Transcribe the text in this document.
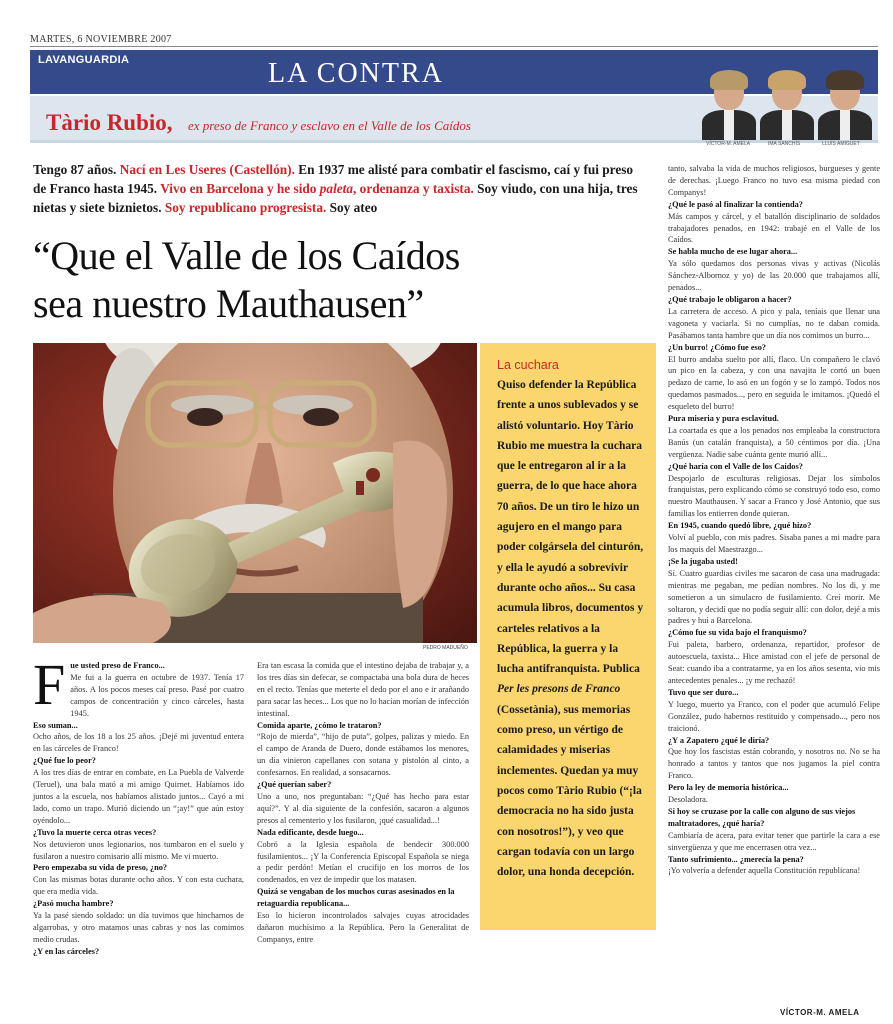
MARTES, 6 NOVIEMBRE 2007
LAVANGUARDIA	LA CONTRA
Tàrio Rubio, ex preso de Franco y esclavo en el Valle de los Caídos
VÍCTOR-M. AMELA	IMA SANCHÍS	LLUÍS AMIGUET
Tengo 87 años. Nací en Les Useres (Castellón). En 1937 me alisté para combatir el fascismo, caí y fui preso de Franco hasta 1945. Vivo en Barcelona y he sido paleta, ordenanza y taxista. Soy viudo, con una hija, tres nietas y siete biznietos. Soy republicano progresista. Soy ateo
“Que el Valle de los Caídos
sea nuestro Mauthausen”
PEDRO MADUEÑO
La cuchara
Quiso defender la República frente a unos sublevados y se alistó voluntario. Hoy Tàrio Rubio me muestra la cuchara que le entregaron al ir a la guerra, de lo que hace ahora 70 años. De un tiro le hizo un agujero en el mango para poder colgársela del cinturón, y ella le ayudó a sobrevivir durante ocho años... Su casa acumula libros, documentos y carteles relativos a la República, la guerra y la lucha antifranquista. Publica Per les presons de Franco (Cossetània), sus memorias como preso, un vértigo de calamidades y miserias inclementes. Quedan ya muy pocos como Tàrio Rubio (“¡la democracia no ha sido justa con nosotros!”), y veo que cargan todavía con un largo dolor, una honda decepción.
F ue usted preso de Franco...

Me fui a la guerra en octubre de 1937. Tenía 17 años. A los pocos meses caí preso. Pasé por cuatro campos de concentración y cinco cárceles, hasta 1945.

Eso suman...

Ocho años, de los 18 a los 25 años. ¡Dejé mi juventud entera en las cárceles de Franco!

¿Qué fue lo peor?

A los tres días de entrar en combate, en La Puebla de Valverde (Teruel), una bala mató a mi amigo Quirnet. Habíamos ido juntos a la escuela, nos habíamos alistado juntos... Cayó a mi lado, como un trapo. Murió diciendo un “¡ay!” que aún estoy oyéndolo...

¿Tuvo la muerte cerca otras veces?

Nos detuvieron unos legionarios, nos tumbaron en el suelo y fusilaron a nuestro comisario allí mismo. Me vi muerto.

Pero empezaba su vida de preso, ¿no?

Con las mismas botas durante ocho años. Y con esta cuchara, que era media vida.

¿Pasó mucha hambre?

Ya la pasé siendo soldado: un día tuvimos que hincharnos de algarrobas, y otro matamos unas cabras y nos las comimos medio crudas.

¿Y en las cárceles?

Era tan escasa la comida que el intestino dejaba de trabajar y, a los tres días sin defecar, se compactaba una bola dura de heces en el recto. Tenías que meterte el dedo por el ano e ir arañando para sacar las heces... Los que no lo hacían morían de infección intestinal.

Comida aparte, ¿cómo le trataron?

“Rojo de mierda”, “hijo de puta”, golpes, palizas y miedo. En el campo de Aranda de Duero, donde estábamos los menores, un día vinieron capellanes con sotana y pistolón al cinto, a confesarnos. En realidad, a sonsacarnos.

¿Qué querían saber?

Uno a uno, nos preguntaban: “¿Qué has hecho para estar aquí?”. Y al día siguiente de la confesión, sacaron a algunos presos al cementerio y los fusilaron, ¡qué casualidad...!

Nada edificante, desde luego...

Cobró a la Iglesia española de bendecir 300.000 fusilamientos... ¡Y la Conferencia Episcopal Española se niega a pedir perdón! Metían el crucifijo en los morros de los condenados, en vez de impedir que los matasen.

Quizá se vengaban de los muchos curas asesinados en la retaguardia republicana...

Eso lo hicieron incontrolados salvajes cuyas atrocidades dañaron muchísimo a la República. Pero la Generalitat de Companys, entre

tanto, salvaba la vida de muchos religiosos, burgueses y gente de derechas. ¡Luego Franco no tuvo esa misma piedad con Companys!

¿Qué le pasó al finalizar la contienda?

Más campos y cárcel, y el batallón disciplinario de soldados trabajadores penados, en 1942: trabajé en el Valle de los Caídos.

Se habla mucho de ese lugar ahora...

Ya sólo quedamos dos personas vivas y activas (Nicolás Sánchez-Albornoz y yo) de las 20.000 que trabajamos allí, penados...

¿Qué trabajo le obligaron a hacer?

La carretera de acceso. A pico y pala, teníais que llenar una vagoneta y vaciarla. Si no cumplías, no te daban comida. Pasábamos tanta hambre que un día nos comimos un burro...

¿Un burro! ¿Cómo fue eso?

El burro andaba suelto por allí, flaco. Un compañero le clavó un pico en la cabeza, y con una navajita le cortó un buen pedazo de carne, lo asó en un fogón y se lo zampó. Todos nos quedamos pasmados..., pero en seguida le imitamos. ¡Quedó el esqueleto del burro!

Pura miseria y pura esclavitud.

La coartada es que a los penados nos empleaba la constructora Banús (un catalán franquista), a 50 céntimos por día. ¡Una vergüenza. Nadie sabe cuánta gente murió allí...

¿Qué haría con el Valle de los Caídos?

Despojarlo de esculturas religiosas. Dejar los símbolos franquistas, pero explicando cómo se construyó todo eso, como nuestro Mauthausen. Y sacar a Franco y José Antonio, que sus familias los entierren donde quieran.

En 1945, cuando quedó libre, ¿qué hizo?

Volví al pueblo, con mis padres. Sisaba panes a mi madre para los maquis del Maestrazgo...

¡Se la jugaba usted!

Sí. Cuatro guardias civiles me sacaron de casa una madrugada: mientras me pegaban, me pedían nombres. No los di, y me sometieron a un simulacro de fusilamiento. Creí morir. Me soltaron, y decidí que no podía seguir allí: con dolor, dejé a mis padres y huí a Barcelona.

¿Cómo fue su vida bajo el franquismo?

Fui paleta, barbero, ordenanza, repartidor, profesor de autoescuela, taxista... Hice amistad con el jefe de personal de Seat: cuando iba a contratarme, ya en los años sesenta, vio mis antecedentes penales... ¡y me rechazó!

Tuvo que ser duro...

Y luego, muerto ya Franco, con el poder que acumuló Felipe González, pudo habernos restituido y compensado..., pero nos traicionó.

¿Y a Zapatero ¿qué le diría?

Que hoy los fascistas están cobrando, y nosotros no. No se ha honrado a tantos y tantos que nos jugamos la piel contra Franco.

Pero la ley de memoria histórica...

Desoladora.

Si hoy se cruzase por la calle con alguno de sus viejos maltratadores, ¿qué haría?

Cambiaría de acera, para evitar tener que partirle la cara a ese sinvergüenza y que me encerrasen otra vez...

Tanto sufrimiento... ¿merecía la pena?

¡Yo volvería a defender aquella Constitución republicana!

VÍCTOR-M. AMELA
